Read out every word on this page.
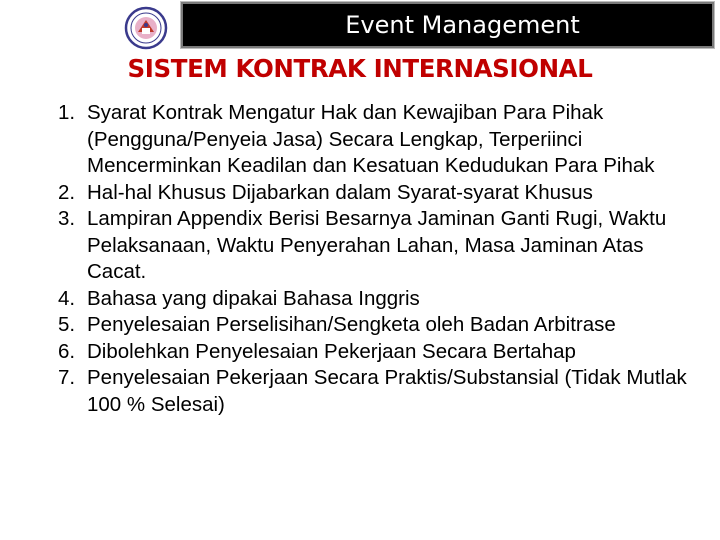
Event Management
SISTEM KONTRAK INTERNASIONAL
1. Syarat Kontrak Mengatur Hak dan Kewajiban Para Pihak (Pengguna/Penyeia Jasa) Secara Lengkap, Terperiinci Mencerminkan Keadilan dan Kesatuan Kedudukan Para Pihak
2. Hal-hal Khusus Dijabarkan dalam Syarat-syarat Khusus
3. Lampiran Appendix Berisi Besarnya Jaminan Ganti Rugi, Waktu Pelaksanaan, Waktu Penyerahan Lahan, Masa Jaminan Atas Cacat.
4. Bahasa yang dipakai Bahasa Inggris
5. Penyelesaian Perselisihan/Sengketa oleh Badan Arbitrase
6. Dibolehkan Penyelesaian Pekerjaan Secara Bertahap
7. Penyelesaian Pekerjaan Secara Praktis/Substansial (Tidak Mutlak 100 % Selesai)
